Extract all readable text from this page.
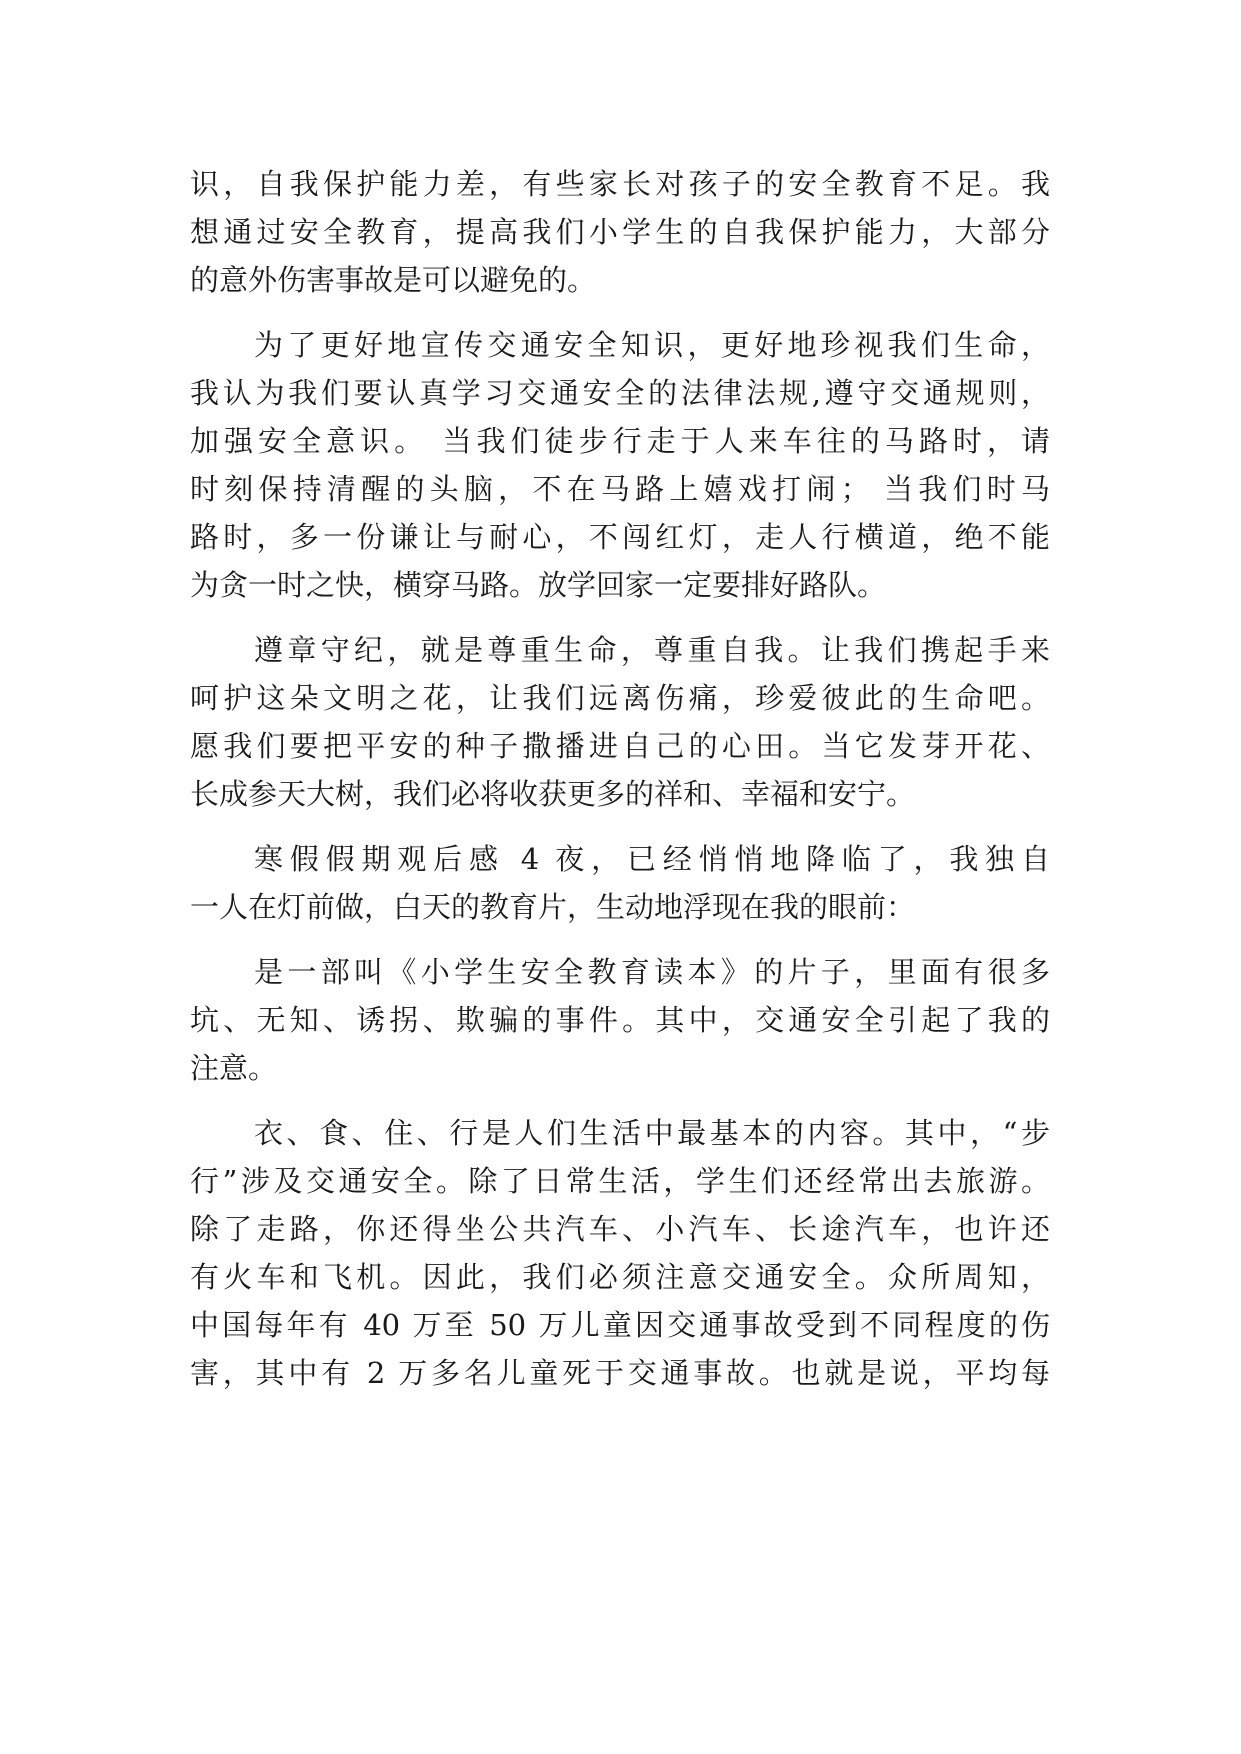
识，自我保护能力差，有些家长对孩子的安全教育不足。我
想通过安全教育，提高我们小学生的自我保护能力，大部分
的意外伤害事故是可以避免的。
为了更好地宣传交通安全知识，更好地珍视我们生命，
我认为我们要认真学习交通安全的法律法规,遵守交通规则，
加强安全意识。 当我们徒步行走于人来车往的马路时，请
时刻保持清醒的头脑，不在马路上嬉戏打闹； 当我们时马
路时，多一份谦让与耐心，不闯红灯，走人行横道，绝不能
为贪一时之快，横穿马路。放学回家一定要排好路队。
遵章守纪，就是尊重生命，尊重自我。让我们携起手来
呵护这朵文明之花，让我们远离伤痛，珍爱彼此的生命吧。
愿我们要把平安的种子撒播进自己的心田。当它发芽开花、
长成参天大树，我们必将收获更多的祥和、幸福和安宁。
寒假假期观后感 4 夜，已经悄悄地降临了，我独自
一人在灯前做，白天的教育片，生动地浮现在我的眼前：
是一部叫《小学生安全教育读本》的片子，里面有很多
坑、无知、诱拐、欺骗的事件。其中，交通安全引起了我的
注意。
衣、食、住、行是人们生活中最基本的内容。其中，“步
行”涉及交通安全。除了日常生活，学生们还经常出去旅游。
除了走路，你还得坐公共汽车、小汽车、长途汽车，也许还
有火车和飞机。因此，我们必须注意交通安全。众所周知，
中国每年有 40 万至 50 万儿童因交通事故受到不同程度的伤
害，其中有 2 万多名儿童死于交通事故。也就是说，平均每
